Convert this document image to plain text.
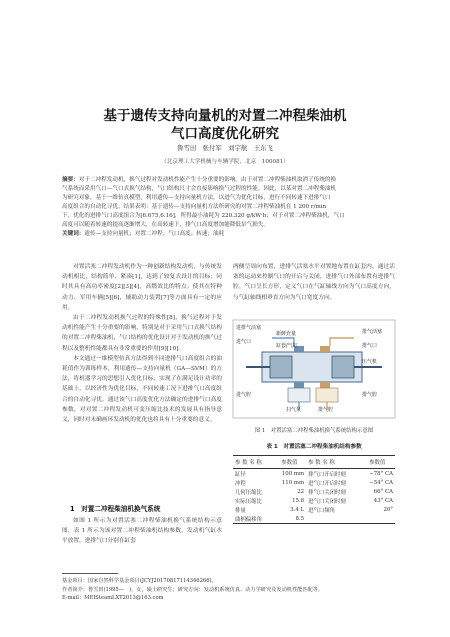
基于遗传支持向量机的对置二冲程柴油机
气口高度优化研究
鲁雪田　张付军　刘宇航　王东飞
（北京理工大学机械与车辆学院，北京　100081）
摘要：对于二冲程发动机，换气过程对发动机性能产生十分重要的影响。由于对置二冲程柴油机取消了传统的换
气系统而采用气口—气口式换气结构，气口结构尺寸会直接影响换气过程的性能。因此，以某对置二冲程柴油机
为研究对象，基于一维仿真模型，利用遗传—支持向量机方法，以进气为优化目标，进行不同转速下进排气口
高度组合的自动化寻优。结果表明：基于遗传—支持向量机方法所研究的对置二冲程柴油机在 1 200 r/min
下，优化的进排气口高度组合为[6.675,6.16]，所得最小油耗为 220.320 g/kW·h；对于对置二冲程柴油机，气口
高度可以随着转速的提高逐渐增大，在高转速下，排气口高度增加能降低泵气损失。
关键词：遗传—支持向量机；对置二冲程；气口高度；转速；油耗

对置活塞二冲程发动机作为一种创新结构发动机，与传统发动机相比，结构简单、紧凑[1]，达到了较复式设计的目标；同时其具有高功率密度[2][3][4]，高燃效比的特点；使其在特种动力、军用车辆[5][6]，辅助动力装置[7]等方面具有一定的应用。

由于二冲程发动机换气过程的特殊性[8]，换气过程对于发动机性能产生十分重要的影响，特别是对于采用气口式换气结构的对置二冲程柴油机，气口结构的优化设计对于发动机的换气过程以及整机性能都具有非常重要的作用[9][10]。

本文通过一维模型仿真方法得到不同进排气口高度组合的油耗值作为训练样本，利用遗传—支持向量机（GA—SVM）的方法，将机器学习的思想引入优化目标；实现了在满足设计功率的基础上，以经济性为优化目标，不同转速工况下进排气口高度组合的自动化寻优。通过该气口高度优化方法确定的进排气口高度参数，对对置二冲程发动机可变压缩比技术的发展具有指导意义，同时对未确画环发动机的优化也将具有十分重要的意义。

1　对置二冲程柴油机换气系统

如图 1 所示为对置活塞二冲程柴油机换气系统结构示意图，表 1 所示为该对置二冲程柴油机结构参数，发动机气缸水平放置，进排气口分别在缸套

两侧呈周向布置，进排气活塞水平对置地布置在缸套内，通过活塞的运动来控制气口的开启与关闭，进排气口外部布置有进排气腔。气口呈长方形，定义气口在气缸轴线方向为气口高度方向，与气缸轴线相垂直方向为气口宽度方向。

进排气活塞
进气口
新鲜充量
缸套/气缸
排气活塞
排气口
进气腔	排气腔
扫气泵	排气腔
压气机
图 1　对置活塞二冲程柴油机换气系统结构示意图
表 1　对置活塞二冲程柴油机结构参数
参 数 名 称	参数值	参 数 名 称	参数值
缸径	100 mm	排气口开启时刻	−78° CA
冲程	110 mm	进气口开启时刻	−54° CA
几何压缩比	22	排气口关闭时刻	66° CA
实际压缩比	15.8	进气口关闭时刻	43° CA
排量	3.4 L	进气口频角	20°
曲柄偏移角	8.5		
基金项目：国家自然科学基金项目(JCYJ20170817114346266)。
作者简介：鲁雪田(1995—　)，女，硕士研究生；研究方向：发动机系统仿真、动力学研究及发动机性能匹配等。
E-mail：MEISteamLXT2013@163.com
